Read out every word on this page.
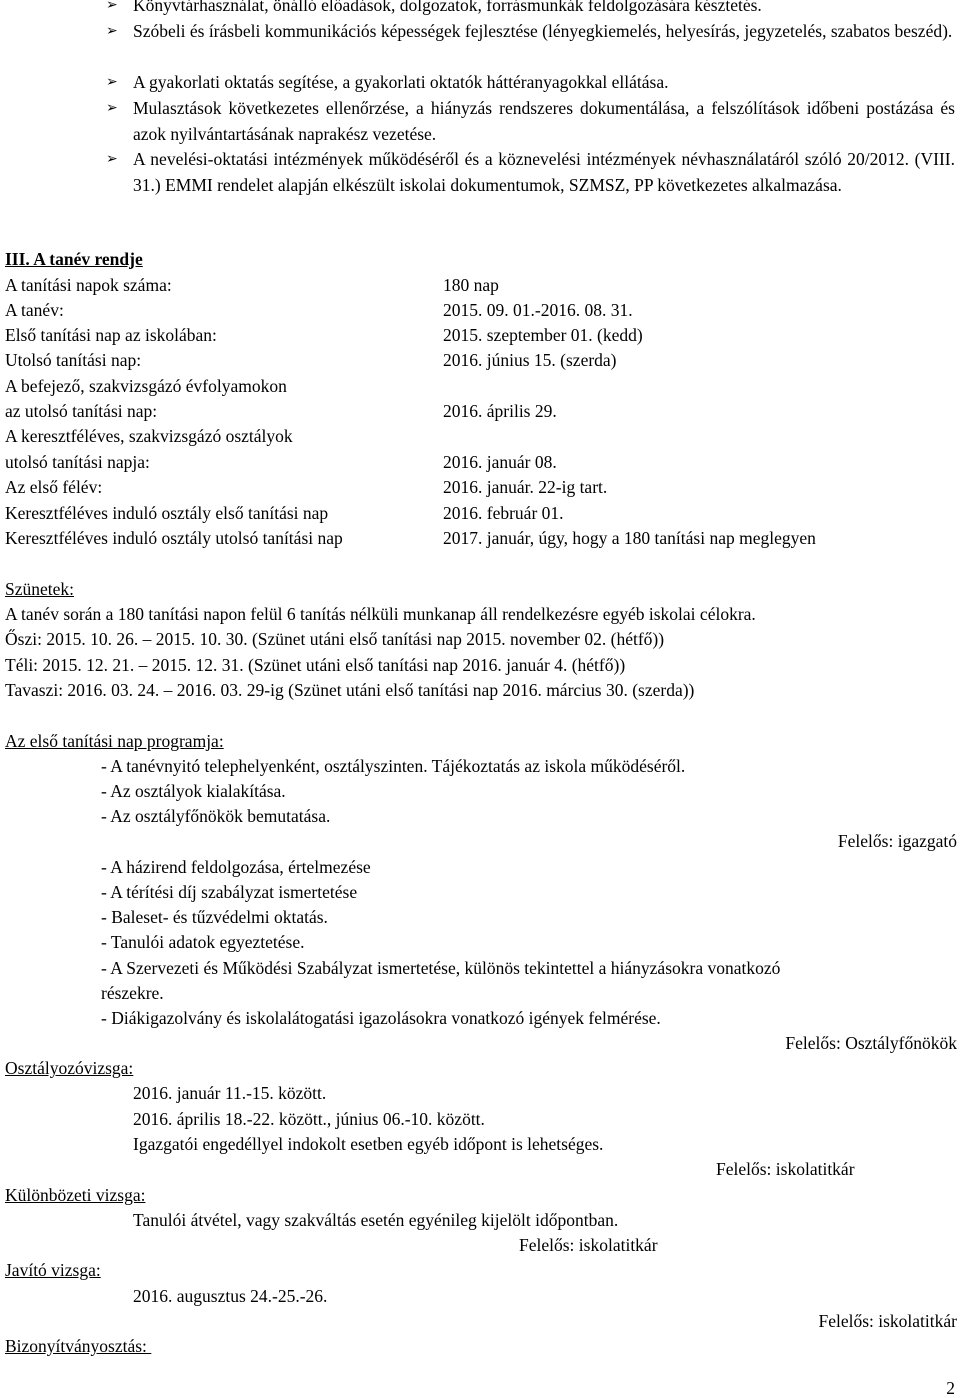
➢ Könyvtárhasználat, önálló előadások, dolgozatok, forrásmunkák feldolgozására késztetés.
➢ Szóbeli és írásbeli kommunikációs képességek fejlesztése (lényegkiemelés, helyesírás, jegyzetelés, szabatos beszéd).
➢ A gyakorlati oktatás segítése, a gyakorlati oktatók háttéranyagokkal ellátása.
➢ Mulasztások következetes ellenőrzése, a hiányzás rendszeres dokumentálása, a felszólítások időbeni postázása és azok nyilvántartásának naprakész vezetése.
➢ A nevelési-oktatási intézmények működéséről és a köznevelési intézmények névhasználatáról szóló 20/2012. (VIII. 31.) EMMI rendelet alapján elkészült iskolai dokumentumok, SZMSZ, PP következetes alkalmazása.
III. A tanév rendje
A tanítási napok száma:	180 nap
A tanév:	2015. 09. 01.-2016. 08. 31.
Első tanítási nap az iskolában:	2015. szeptember 01. (kedd)
Utolsó tanítási nap:	2016. június 15. (szerda)
A befejező, szakvizsgázó évfolyamokon
az utolsó tanítási nap:	2016. április 29.
A keresztféléves, szakvizsgázó osztályok
utolsó tanítási napja:	2016. január 08.
Az első félév:	2016. január. 22-ig tart.
Keresztféléves induló osztály első tanítási nap	2016. február 01.
Keresztféléves induló osztály utolsó tanítási nap	2017. január, úgy, hogy a 180 tanítási nap meglegyen
Szünetek:
A tanév során a 180 tanítási napon felül 6 tanítás nélküli munkanap áll rendelkezésre egyéb iskolai célokra.
Őszi: 2015. 10. 26. – 2015. 10. 30. (Szünet utáni első tanítási nap 2015. november 02. (hétfő))
Téli: 2015. 12. 21. – 2015. 12. 31. (Szünet utáni első tanítási nap 2016. január 4. (hétfő))
Tavaszi: 2016. 03. 24. – 2016. 03. 29-ig (Szünet utáni első tanítási nap 2016. március 30. (szerda))
Az első tanítási nap programja:
- A tanévnyitó telephelyenként, osztályszinten. Tájékoztatás az iskola működéséről.
- Az osztályok kialakítása.
- Az osztályfőnökök bemutatása.
Felelős: igazgató
- A házirend feldolgozása, értelmezése
- A térítési díj szabályzat ismertetése
- Baleset- és tűzvédelmi oktatás.
- Tanulói adatok egyeztetése.
- A Szervezeti és Működési Szabályzat ismertetése, különös tekintettel a hiányzásokra vonatkozó
részekre.
- Diákigazolvány és iskolalátogatási igazolásokra vonatkozó igények felmérése.
Felelős: Osztályfőnökök
Osztályozóvizsga:
2016. január 11.-15. között.
2016. április 18.-22. között., június 06.-10. között.
Igazgatói engedéllyel indokolt esetben egyéb időpont is lehetséges.
Felelős: iskolatitkár
Különbözeti vizsga:
Tanulói átvétel, vagy szakváltás esetén egyénileg kijelölt időpontban.
Felelős: iskolatitkár
Javító vizsga:
2016. augusztus 24.-25.-26.
Felelős: iskolatitkár
Bizonyítványosztás:
2
